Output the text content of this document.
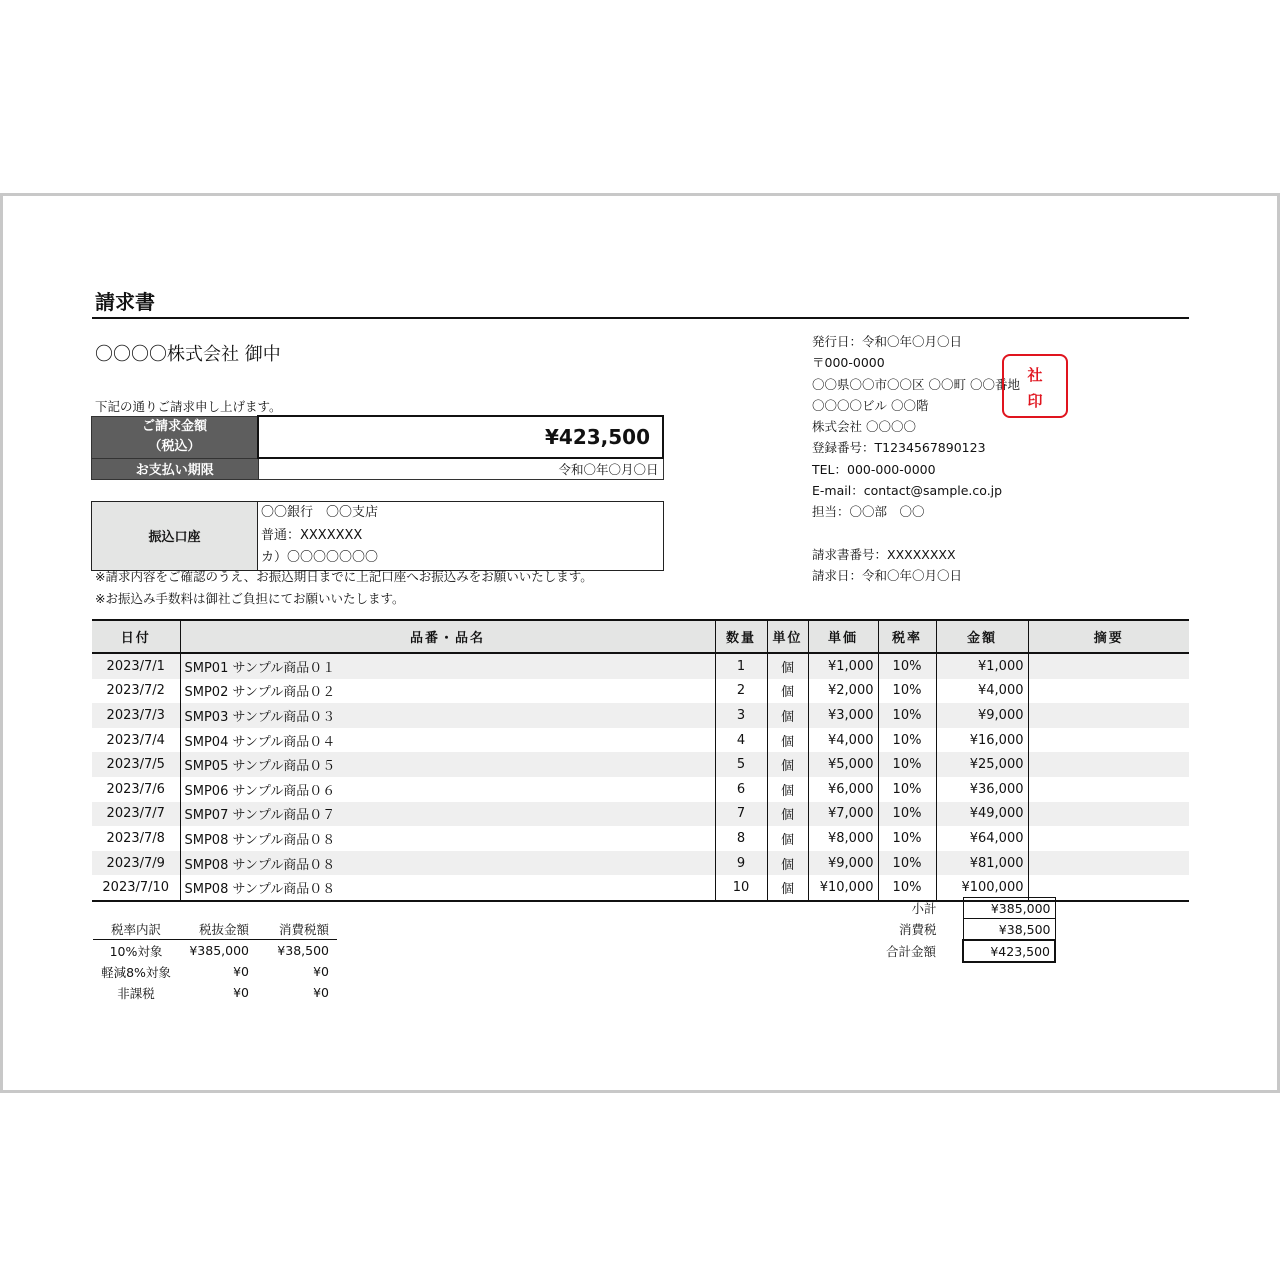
請求書
〇〇〇〇株式会社 御中
下記の通りご請求申し上げます。
ご請求金額
（税込）	¥423,500
お支払い期限	令和〇年〇月〇日
振込口座	
〇〇銀行　〇〇支店
普通：XXXXXXX
カ）〇〇〇〇〇〇〇
※請求内容をご確認のうえ、お振込期日までに上記口座へお振込みをお願いいたします。
※お振込み手数料は御社ご負担にてお願いいたします。
発行日：令和〇年〇月〇日
〒000-0000
〇〇県〇〇市〇〇区 〇〇町 〇〇番地
〇〇〇〇ビル 〇〇階
株式会社 〇〇〇〇
登録番号：T1234567890123
TEL：000-000-0000
E-mail：contact@sample.co.jp
担当：〇〇部　〇〇
請求書番号：XXXXXXXX
請求日：令和〇年〇月〇日
社
印
日付	品番・品名	数量	単位	単価	税率	金額	摘要
2023/7/1	SMP01 サンプル商品０１	1	個	¥1,000	10%	¥1,000	
2023/7/2	SMP02 サンプル商品０２	2	個	¥2,000	10%	¥4,000	
2023/7/3	SMP03 サンプル商品０３	3	個	¥3,000	10%	¥9,000	
2023/7/4	SMP04 サンプル商品０４	4	個	¥4,000	10%	¥16,000	
2023/7/5	SMP05 サンプル商品０５	5	個	¥5,000	10%	¥25,000	
2023/7/6	SMP06 サンプル商品０６	6	個	¥6,000	10%	¥36,000	
2023/7/7	SMP07 サンプル商品０７	7	個	¥7,000	10%	¥49,000	
2023/7/8	SMP08 サンプル商品０８	8	個	¥8,000	10%	¥64,000	
2023/7/9	SMP08 サンプル商品０８	9	個	¥9,000	10%	¥81,000	
2023/7/10	SMP08 サンプル商品０８	10	個	¥10,000	10%	¥100,000	
小計	¥385,000
消費税	¥38,500
合計金額	¥423,500
税率内訳	税抜金額	消費税額
10%対象	¥385,000	¥38,500
軽減8%対象	¥0	¥0
非課税	¥0	¥0
